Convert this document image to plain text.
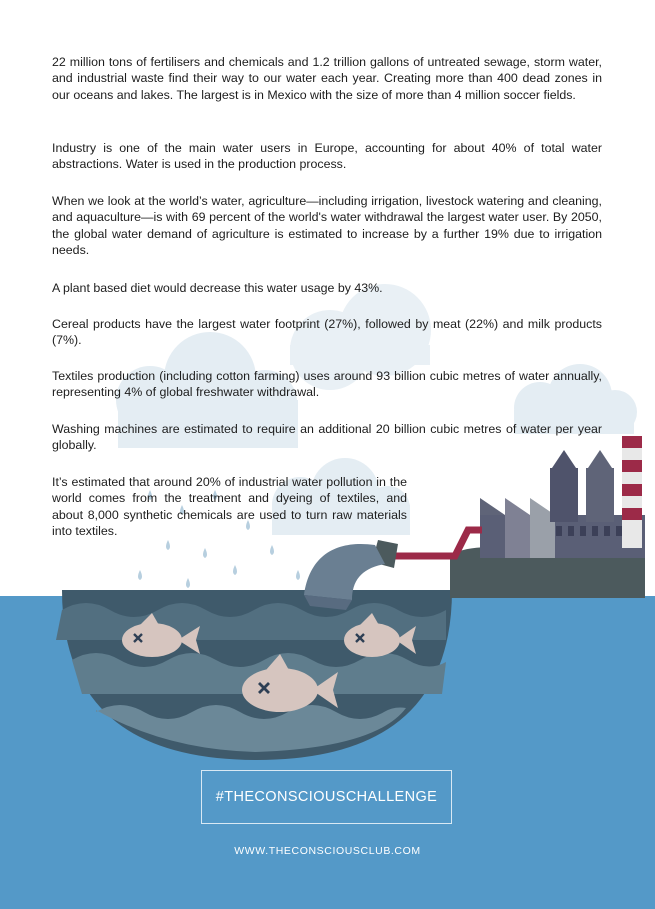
22 million tons of fertilisers and chemicals and 1.2 trillion gallons of untreated sewage, storm water, and industrial waste find their way to our water each year. Creating more than 400 dead zones in our oceans and lakes. The largest is in Mexico with the size of more than 4 million soccer fields.

Industry is one of the main water users in Europe, accounting for about 40% of total water abstractions. Water is used in the production process.

When we look at the world’s water, agriculture—including irrigation, livestock watering and cleaning, and aquaculture—is with 69 percent of the world's water withdrawal the largest water user. By 2050, the global water demand of agriculture is estimated to increase by a further 19% due to irrigation needs.

A plant based diet would decrease this water usage by 43%.

Cereal products have the largest water footprint (27%), followed by meat (22%) and milk products (7%).

Textiles production (including cotton farming) uses around 93 billion cubic metres of water annually, representing 4% of global freshwater withdrawal.

Washing machines are estimated to require an additional 20 billion cubic metres of water per year globally.

It’s estimated that around 20% of industrial water pollution in the world comes from the treatment and dyeing of textiles, and about 8,000 synthetic chemicals are used to turn raw materials into textiles.

#THECONSCIOUSCHALLENGE
WWW.THECONSCIOUSCLUB.COM
